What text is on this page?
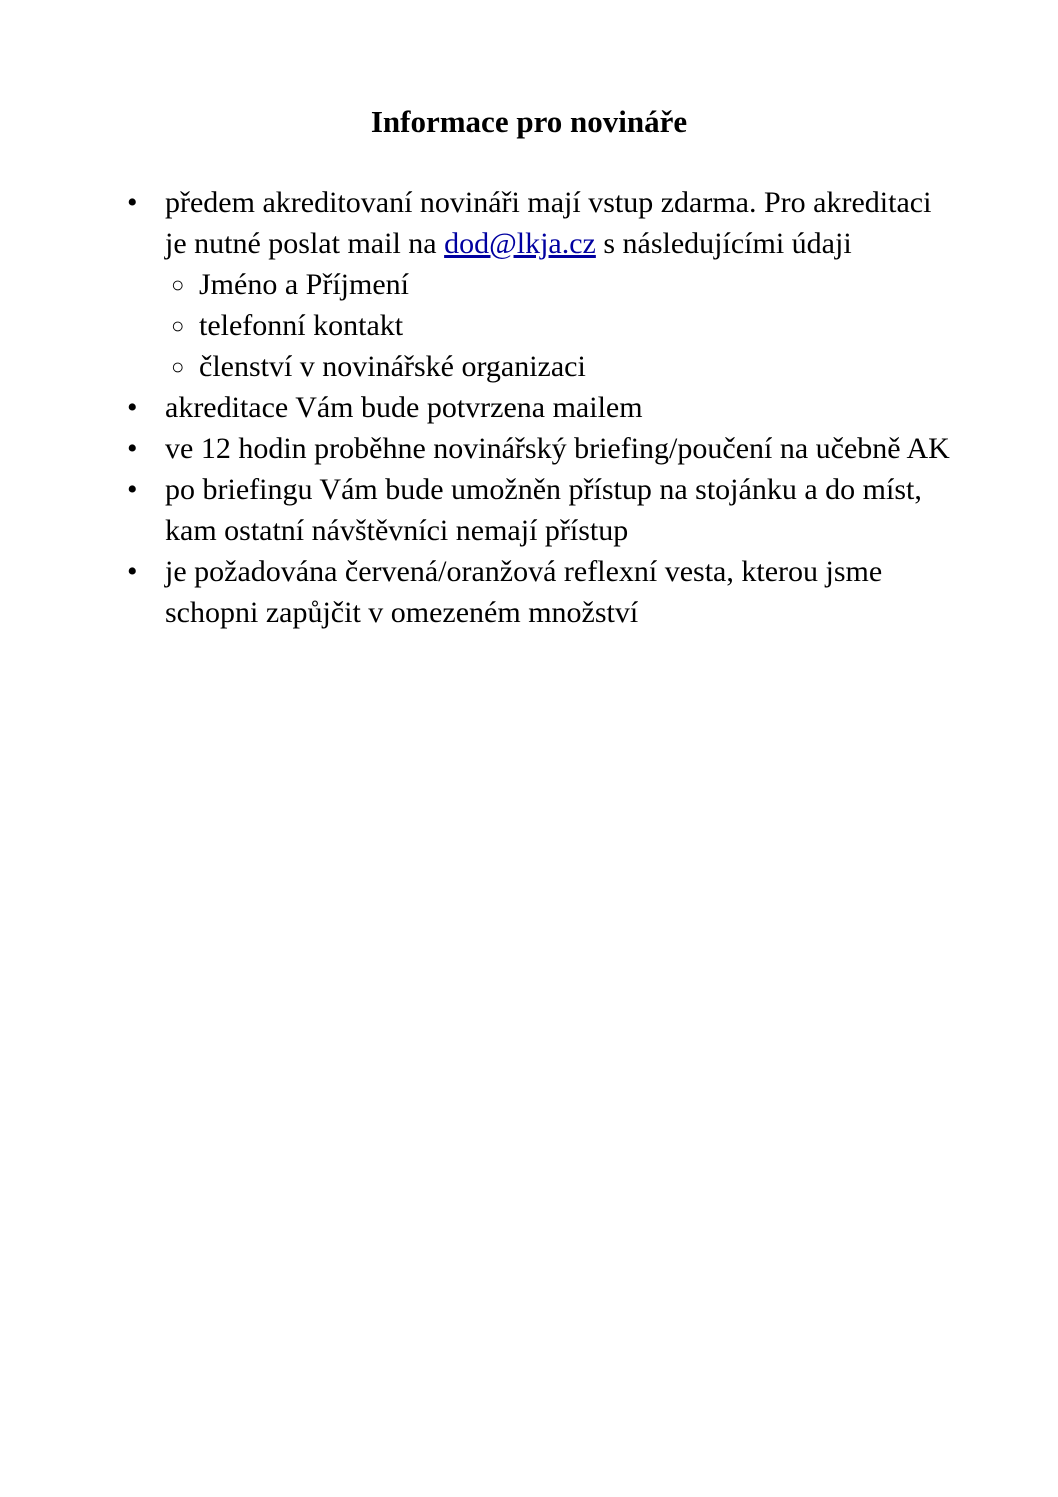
Informace pro novináře
• předem akreditovaní novináři mají vstup zdarma. Pro akreditaci je nutné poslat mail na dod@lkja.cz s následujícími údaji
○ Jméno a Příjmení
○ telefonní kontakt
○ členství v novinářské organizaci
• akreditace Vám bude potvrzena mailem
• ve 12 hodin proběhne novinářský briefing/poučení na učebně AK
• po briefingu Vám bude umožněn přístup na stojánku a do míst, kam ostatní návštěvníci nemají přístup
• je požadována červená/oranžová reflexní vesta, kterou jsme schopni zapůjčit v omezeném množství
